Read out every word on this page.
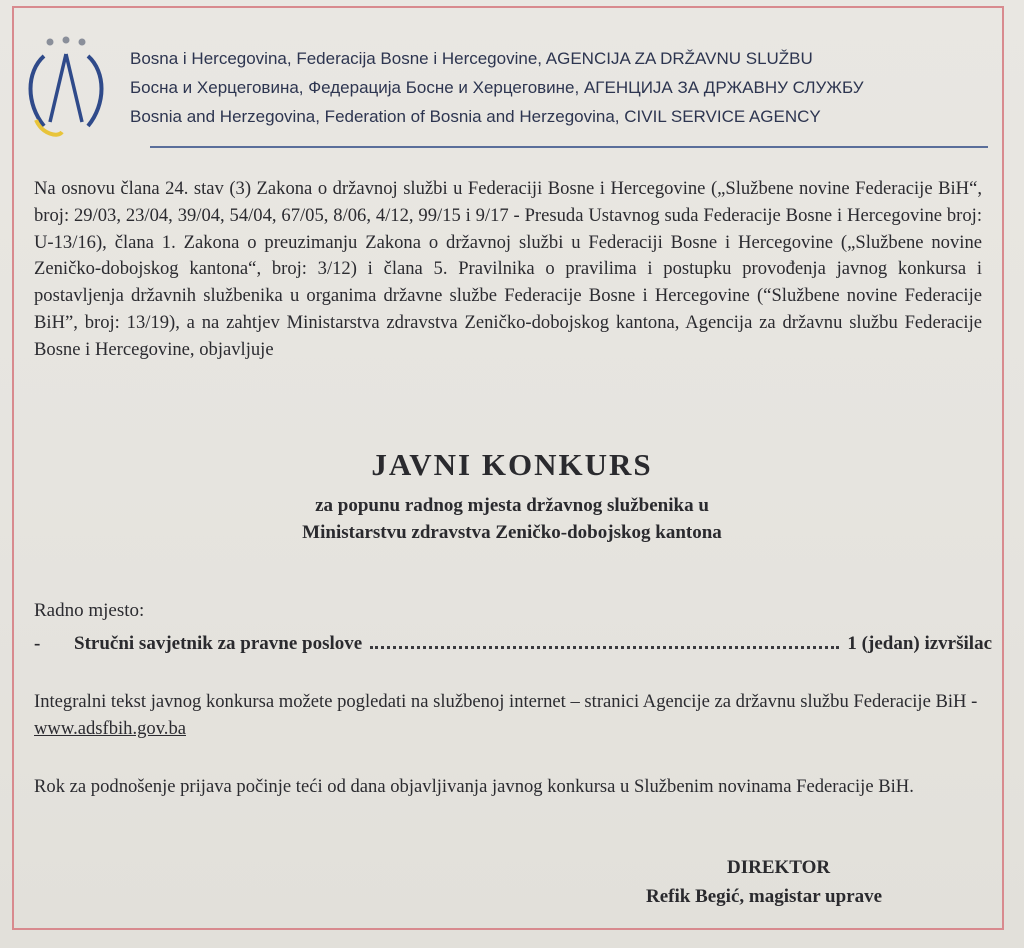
Bosna i Hercegovina, Federacija Bosne i Hercegovine, AGENCIJA ZA DRŽAVNU SLUŽBU
Босна и Херцеговина, Федерација Босне и Херцеговине, АГЕНЦИЈА ЗА ДРЖАВНУ СЛУЖБУ
Bosnia and Herzegovina, Federation of Bosnia and Herzegovina, CIVIL SERVICE AGENCY
Na osnovu člana 24. stav (3) Zakona o državnoj službi u Federaciji Bosne i Hercegovine („Službene novine Federacije BiH“, broj: 29/03, 23/04, 39/04, 54/04, 67/05, 8/06, 4/12, 99/15 i 9/17 - Presuda Ustavnog suda Federacije Bosne i Hercegovine broj: U-13/16), člana 1. Zakona o preuzimanju Zakona o državnoj službi u Federaciji Bosne i Hercegovine („Službene novine Zeničko-dobojskog kantona“, broj: 3/12) i člana 5. Pravilnika o pravilima i postupku provođenja javnog konkursa i postavljenja državnih službenika u organima državne službe Federacije Bosne i Hercegovine (“Službene novine Federacije BiH”, broj: 13/19), a na zahtjev Ministarstva zdravstva Zeničko-dobojskog kantona, Agencija za državnu službu Federacije Bosne i Hercegovine, objavljuje
JAVNI KONKURS
za popunu radnog mjesta državnog službenika u
Ministarstvu zdravstva Zeničko-dobojskog kantona
Radno mjesto:
-	Stručni savjetnik za pravne poslove	1 (jedan) izvršilac
Integralni tekst javnog konkursa možete pogledati na službenoj internet – stranici Agencije za državnu službu Federacije BiH - www.adsfbih.gov.ba
Rok za podnošenje prijava počinje teći od dana objavljivanja javnog konkursa u Službenim novinama Federacije BiH.
DIREKTOR
Refik Begić, magistar uprave
